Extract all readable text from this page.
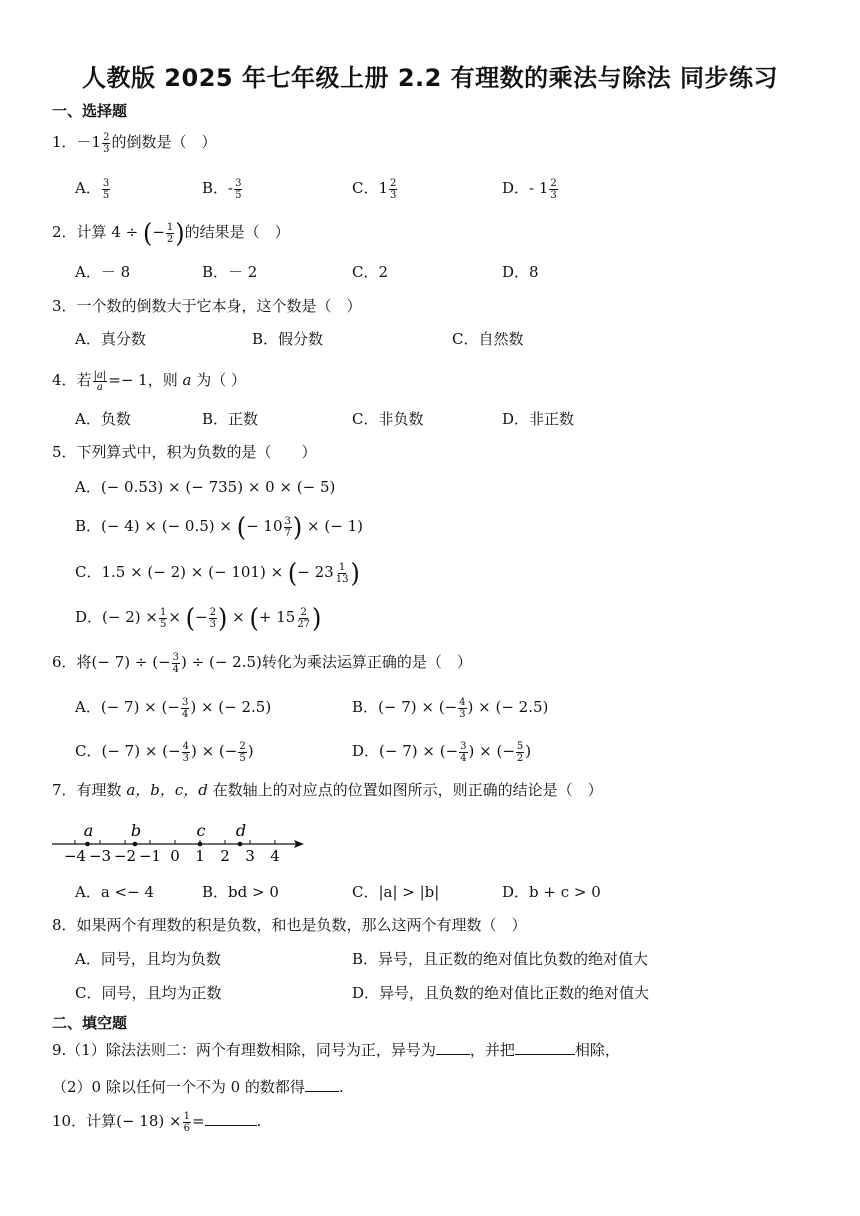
人教版 2025 年七年级上册 2.2 有理数的乘法与除法 同步练习
一、选择题
1．$-1 \frac{2}{3}$ 的倒数是（　）
A． $\frac{3}{5}$	B．- $\frac{3}{5}$	C．$1 \frac{2}{3}$	D．- $1 \frac{2}{3}$
2．计算 4 ÷ (− $\frac{1}{2}$ )的结果是（　）
A．－ 8	B．－ 2	C．2	D．8
3．一个数的倒数大于它本身，这个数是（　）
A．真分数	B．假分数	C．自然数
4．若 $\frac{|a|}{a} =- 1$，则 a 为（ ）
A．负数	B．正数	C．非负数	D．非正数
5．下列算式中，积为负数的是（　　）
A．(− 0.53) × (− 735) × 0 × (− 5)
B．(− 4) × (− 0.5) × (− $10 \frac{3}{7}$ ) × (− 1)
C．1.5 × (− 2) × (− 101) × (− $23 \frac{1}{13}$ )
D．(− $2) \times \frac{1}{5}$ × (− $\frac{2}{3}$ ) × (+ $15 \frac{2}{27}$ )
6．将(− 7) ÷ (− $\frac{3}{4}$ ) ÷ (− 2.5)转化为乘法运算正确的是（　）
A．(− 7) × (− $\frac{3}{4}$ ) × (− 2.5)	B．(− 7) × (− $\frac{4}{3}$ ) × (− 2.5)
C．(− 7) × (− $\frac{4}{3}$ ) × (− $\frac{2}{5}$ )	D．(− 7) × (− $\frac{3}{4}$ ) × (− $\frac{5}{2}$ )
7．有理数 a，b，c，d 在数轴上的对应点的位置如图所示，则正确的结论是（　）
−4 −3 −2 −1 0 1 2 3 4
a b	c d
A．a <− 4	B．bd > 0	C．|a| > |b|	D．b + c > 0
8．如果两个有理数的积是负数，和也是负数，那么这两个有理数（　）
A．同号，且均为负数	B．异号，且正数的绝对值比负数的绝对值大
C．同号，且均为正数	D．异号，且负数的绝对值比正数的绝对值大
二、填空题
9.（1）除法法则二：两个有理数相除，同号为正，异号为 ，并把	相除，
（2）0 除以任何一个不为 0 的数都得 .
10．计算(− $18) \times \frac{1}{6}$ =	.
